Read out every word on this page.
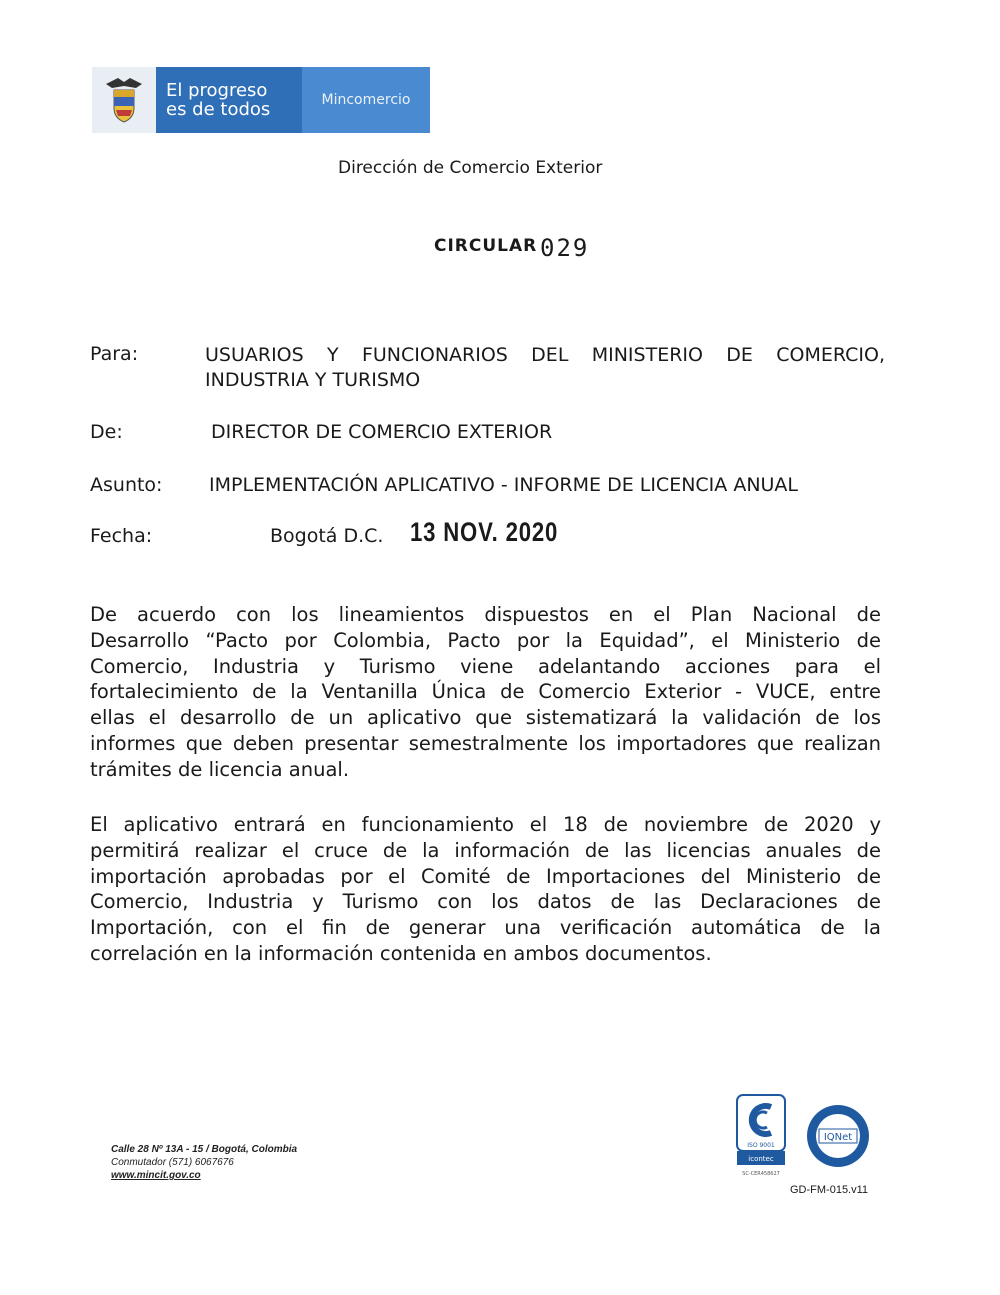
El progreso
es de todos	Mincomercio
Dirección de Comercio Exterior
CIRCULAR 029
Para:	USUARIOS Y FUNCIONARIOS DEL MINISTERIO DE COMERCIO,
INDUSTRIA Y TURISMO
De:	DIRECTOR DE COMERCIO EXTERIOR
Asunto: IMPLEMENTACIÓN APLICATIVO - INFORME DE LICENCIA ANUAL
Fecha:	Bogotá D.C. 13 NOV. 2020
De acuerdo con los lineamientos dispuestos en el Plan Nacional de
Desarrollo “Pacto por Colombia, Pacto por la Equidad”, el Ministerio de
Comercio, Industria y Turismo viene adelantando acciones para el
fortalecimiento de la Ventanilla Única de Comercio Exterior - VUCE, entre
ellas el desarrollo de un aplicativo que sistematizará la validación de los
informes que deben presentar semestralmente los importadores que realizan
trámites de licencia anual.
El aplicativo entrará en funcionamiento el 18 de noviembre de 2020 y
permitirá realizar el cruce de la información de las licencias anuales de
importación aprobadas por el Comité de Importaciones del Ministerio de
Comercio, Industria y Turismo con los datos de las Declaraciones de
Importación, con el fin de generar una verificación automática de la
correlación en la información contenida en ambos documentos.
Calle 28 Nº 13A - 15 / Bogotá, Colombia
Conmutador (571) 6067676
www.mincit.gov.co
ISO 9001
icontec
SC-CER458627
IQNet
GD-FM-015.v11
